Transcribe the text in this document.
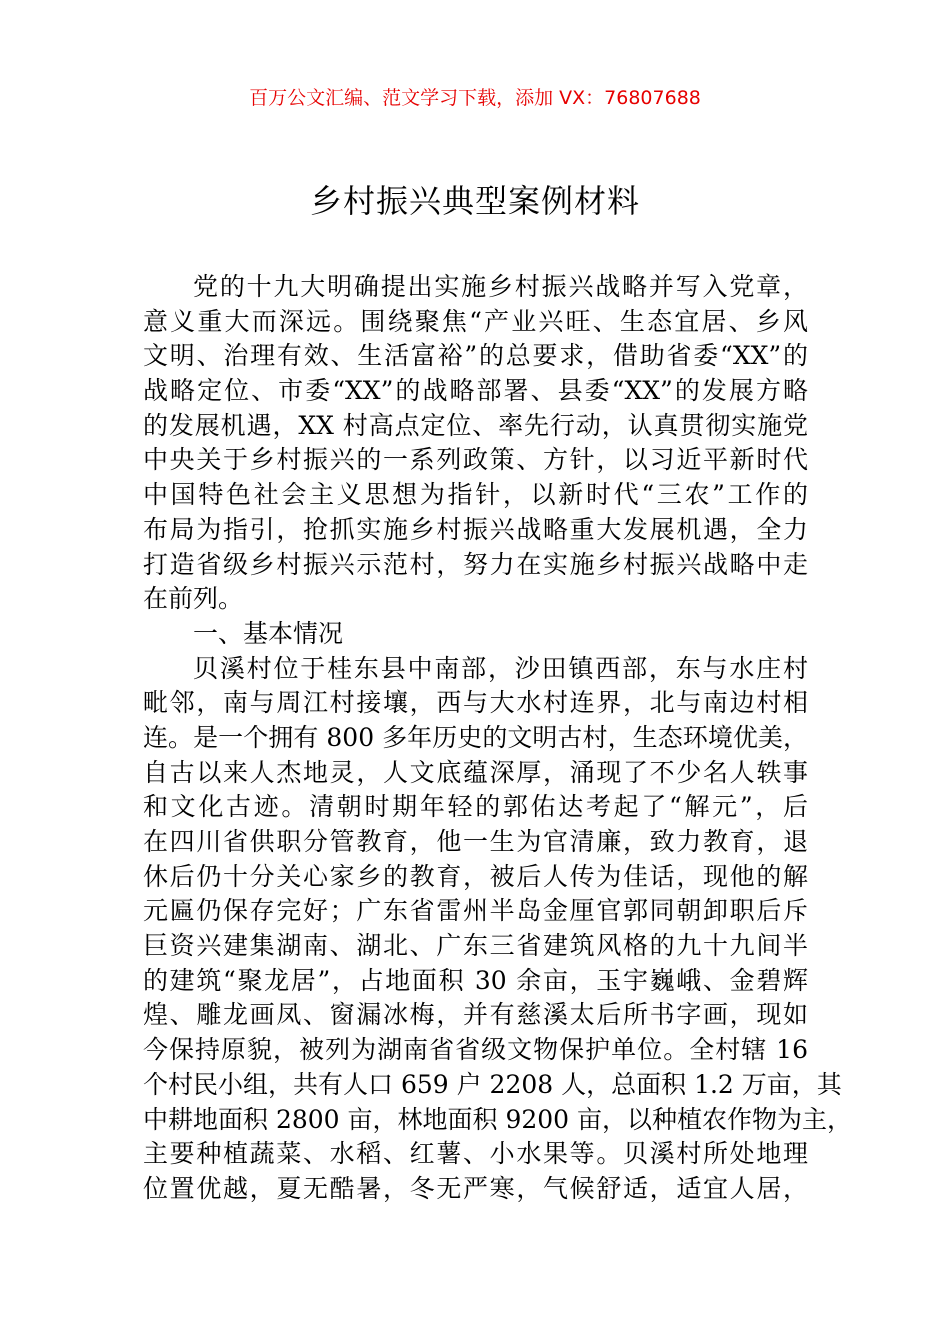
百万公文汇编、范文学习下载，添加 VX：76807688
乡村振兴典型案例材料
党的十九大明确提出实施乡村振兴战略并写入党章，
意义重大而深远。围绕聚焦“产业兴旺、生态宜居、乡风
文明、治理有效、生活富裕”的总要求，借助省委“XX”的
战略定位、市委“XX”的战略部署、县委“XX”的发展方略
的发展机遇，XX 村高点定位、率先行动，认真贯彻实施党
中央关于乡村振兴的一系列政策、方针，以习近平新时代
中国特色社会主义思想为指针，以新时代“三农”工作的
布局为指引，抢抓实施乡村振兴战略重大发展机遇，全力
打造省级乡村振兴示范村，努力在实施乡村振兴战略中走
在前列。
一、基本情况
贝溪村位于桂东县中南部，沙田镇西部，东与水庄村
毗邻，南与周江村接壤，西与大水村连界，北与南边村相
连。是一个拥有 800 多年历史的文明古村，生态环境优美，
自古以来人杰地灵，人文底蕴深厚，涌现了不少名人轶事
和文化古迹。清朝时期年轻的郭佑达考起了“解元”，后
在四川省供职分管教育，他一生为官清廉，致力教育，退
休后仍十分关心家乡的教育，被后人传为佳话，现他的解
元匾仍保存完好；广东省雷州半岛金厘官郭同朝卸职后斥
巨资兴建集湖南、湖北、广东三省建筑风格的九十九间半
的建筑“聚龙居”，占地面积 30 余亩，玉宇巍峨、金碧辉
煌、雕龙画凤、窗漏冰梅，并有慈溪太后所书字画，现如
今保持原貌，被列为湖南省省级文物保护单位。全村辖 16
个村民小组，共有人口 659 户 2208 人，总面积 1.2 万亩，其
中耕地面积 2800 亩，林地面积 9200 亩，以种植农作物为主，
主要种植蔬菜、水稻、红薯、小水果等。贝溪村所处地理
位置优越，夏无酷暑，冬无严寒，气候舒适，适宜人居，
